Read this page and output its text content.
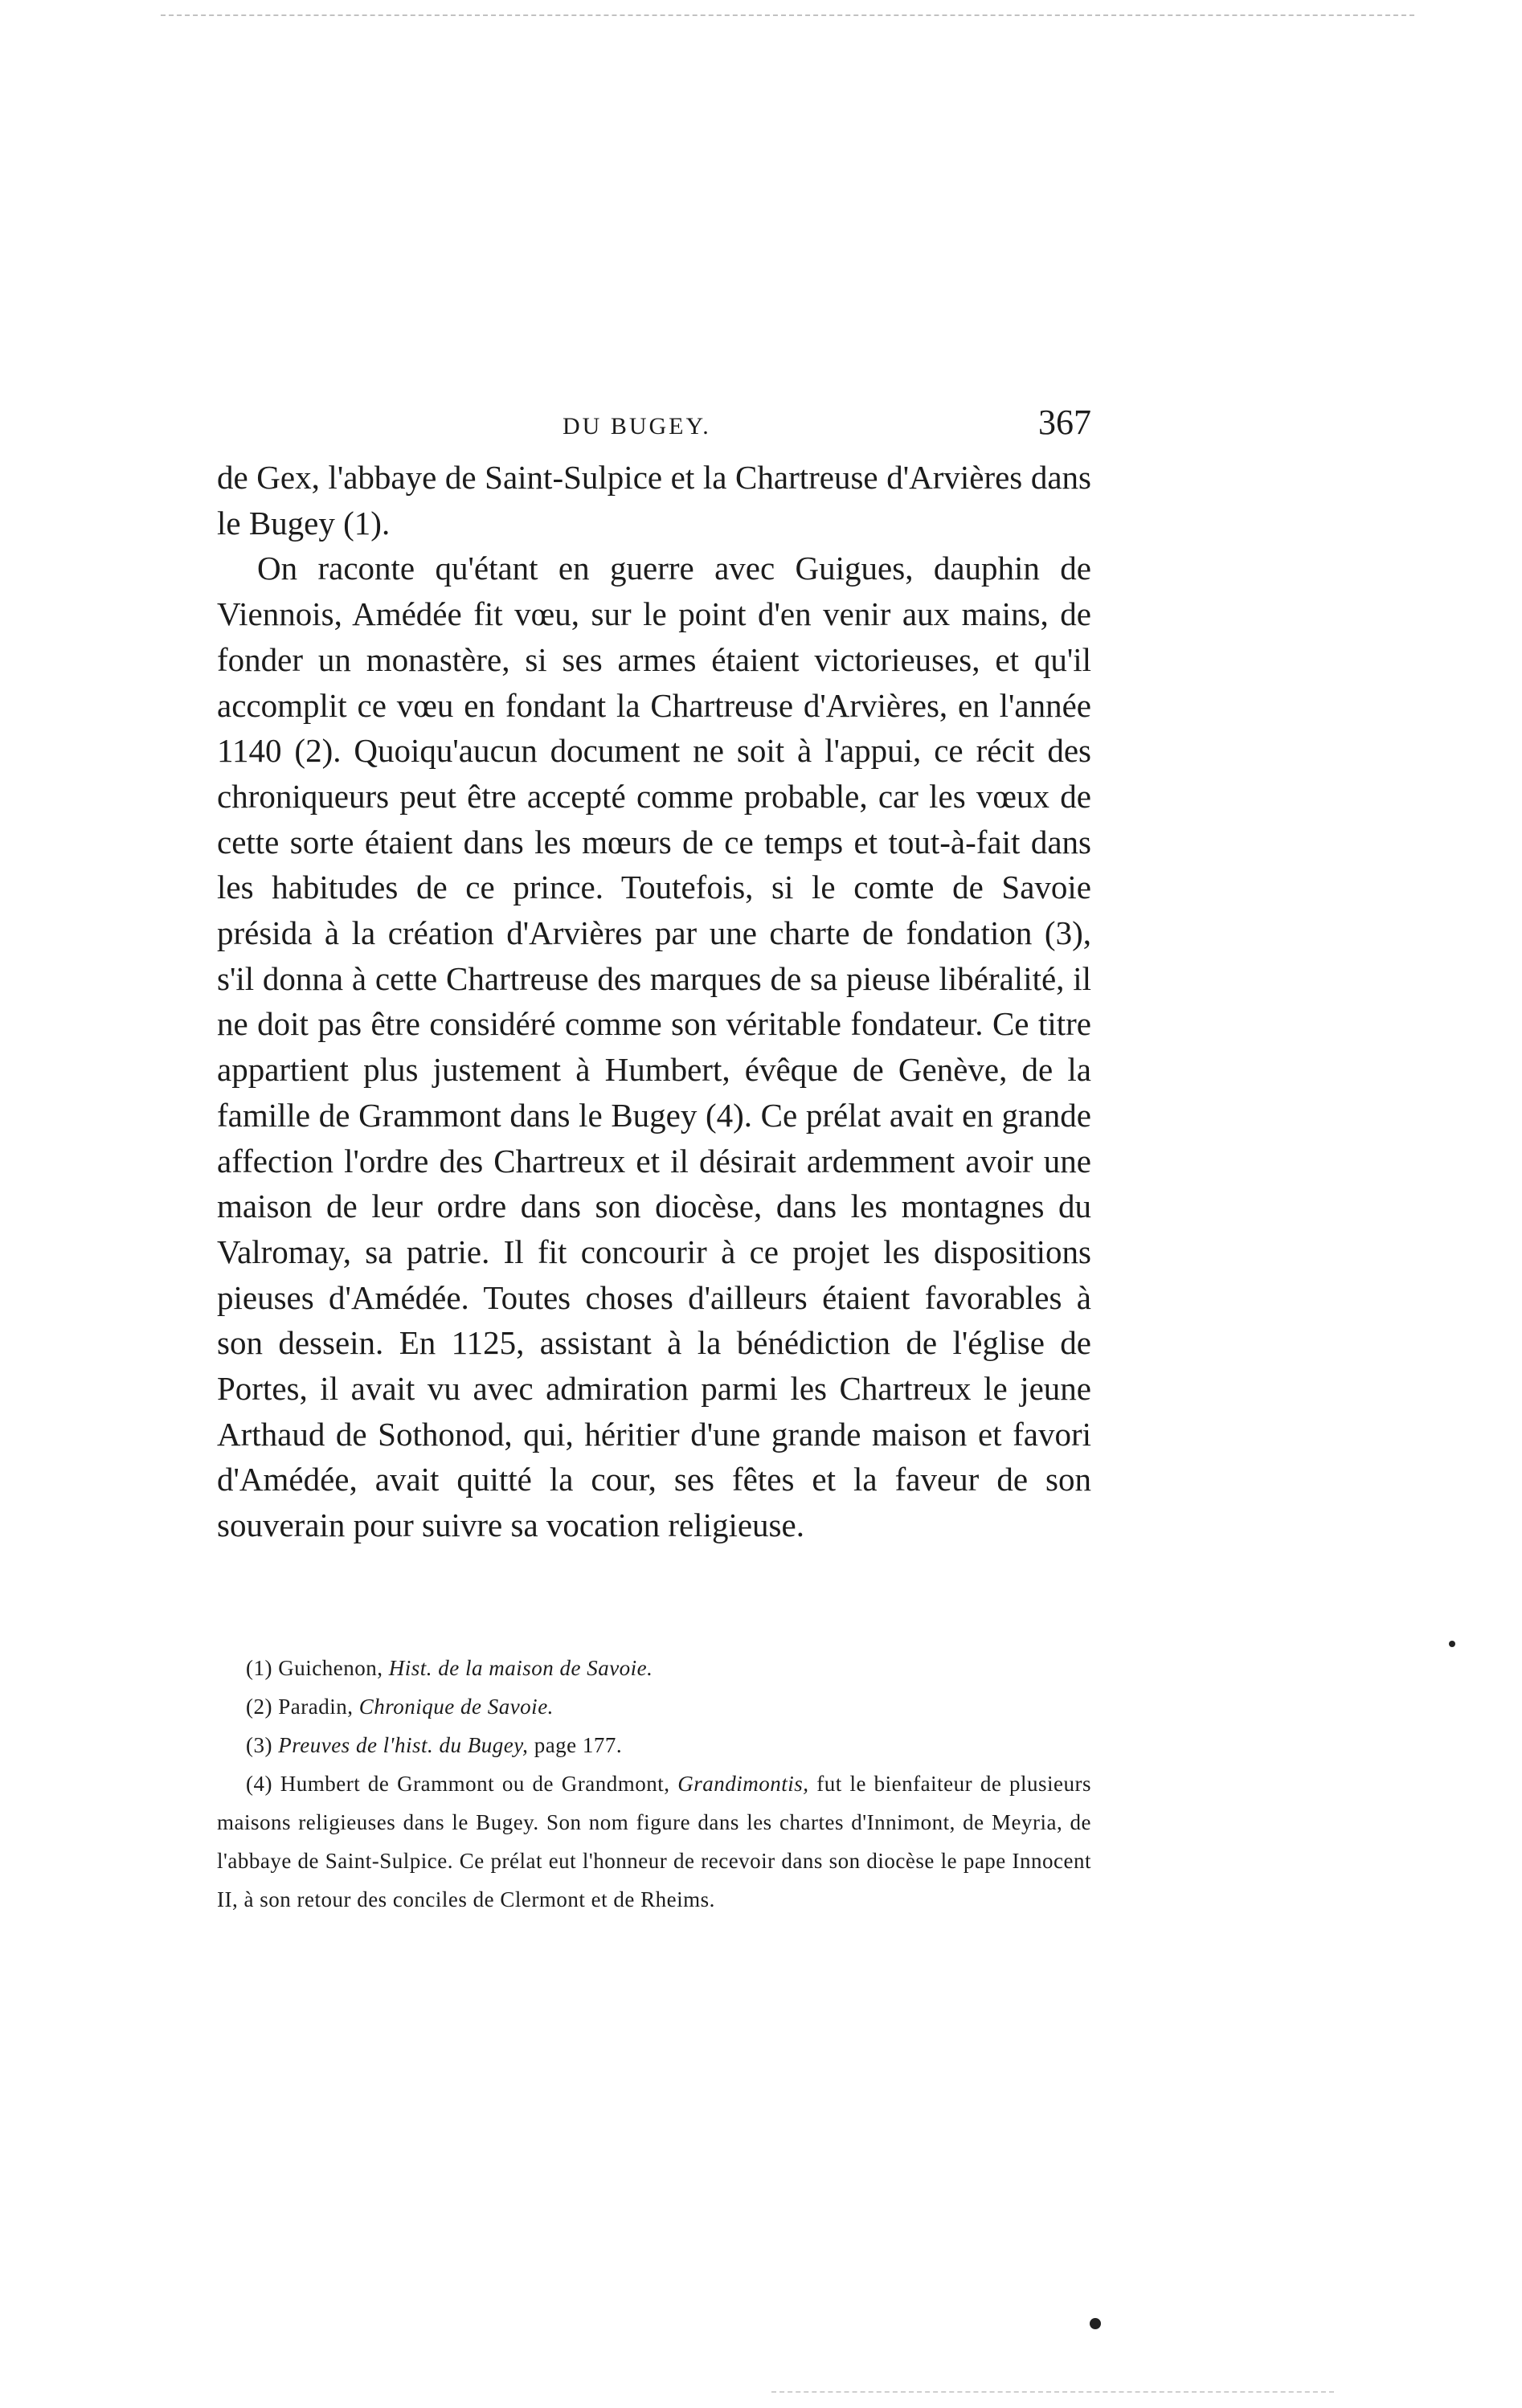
DU BUGEY.	367

de Gex, l'abbaye de Saint-Sulpice et la Chartreuse d'Arvières dans le Bugey (1).

On raconte qu'étant en guerre avec Guigues, dauphin de Viennois, Amédée fit vœu, sur le point d'en venir aux mains, de fonder un monastère, si ses armes étaient victorieuses, et qu'il accomplit ce vœu en fondant la Chartreuse d'Arvières, en l'année 1140 (2). Quoiqu'aucun document ne soit à l'appui, ce récit des chroniqueurs peut être accepté comme probable, car les vœux de cette sorte étaient dans les mœurs de ce temps et tout-à-fait dans les habitudes de ce prince. Toutefois, si le comte de Savoie présida à la création d'Arvières par une charte de fondation (3), s'il donna à cette Chartreuse des marques de sa pieuse libéralité, il ne doit pas être considéré comme son véritable fondateur. Ce titre appartient plus justement à Humbert, évêque de Genève, de la famille de Grammont dans le Bugey (4). Ce prélat avait en grande affection l'ordre des Chartreux et il désirait ardemment avoir une maison de leur ordre dans son diocèse, dans les montagnes du Valromay, sa patrie. Il fit concourir à ce projet les dispositions pieuses d'Amédée. Toutes choses d'ailleurs étaient favorables à son dessein. En 1125, assistant à la bénédiction de l'église de Portes, il avait vu avec admiration parmi les Chartreux le jeune Arthaud de Sothonod, qui, héritier d'une grande maison et favori d'Amédée, avait quitté la cour, ses fêtes et la faveur de son souverain pour suivre sa vocation religieuse.

(1) Guichenon, Hist. de la maison de Savoie.

(2) Paradin, Chronique de Savoie.

(3) Preuves de l'hist. du Bugey, page 177.

(4) Humbert de Grammont ou de Grandmont, Grandimontis, fut le bienfaiteur de plusieurs maisons religieuses dans le Bugey. Son nom figure dans les chartes d'Innimont, de Meyria, de l'abbaye de Saint-Sulpice. Ce prélat eut l'honneur de recevoir dans son diocèse le pape Innocent II, à son retour des conciles de Clermont et de Rheims.
